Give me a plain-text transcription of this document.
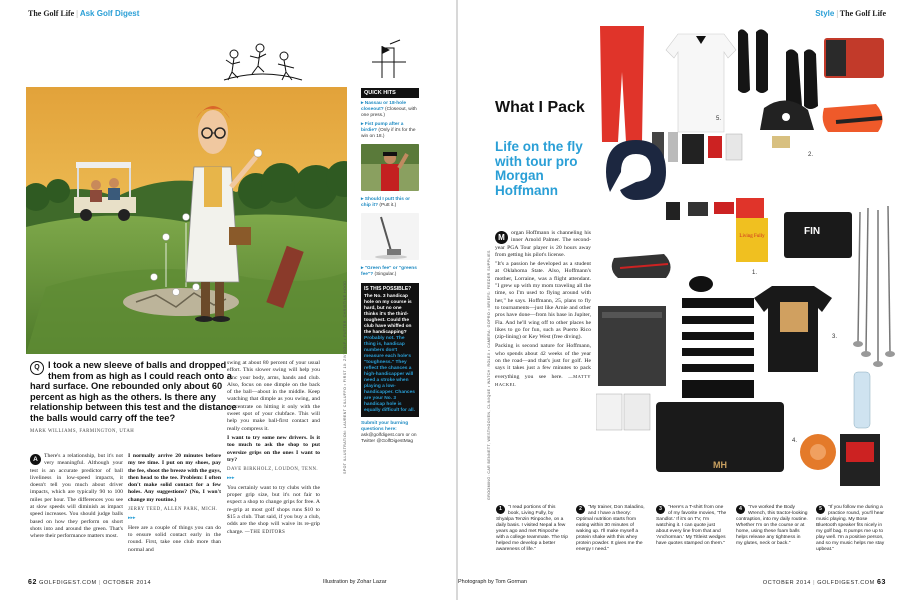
The Golf Life | Ask Golf Digest
QUICK HITS
▸ Nassau or 18-hole closeout? (Closeout, with one press.)
▸ Fist pump after a birdie? (Only if it's for the win on 18.)
▸ Should I putt this or chip it? (Putt it.)
▸ "Green fee" or "greens fee"? (Singular.)
IS THIS POSSIBLE?
The No. 3 handicap hole on my course is hard, but no one thinks it's the third-toughest. Could the club have whiffed on the handicapping?
Probably not. The thing is, handicap numbers don't measure each hole's "toughness." They reflect the chances a high-handicapper will need a stroke when playing a low-handicapper. Chances are your No. 3 handicap hole is equally difficult for all.
Submit your burning questions here: ask@golfdigest.com or on Twitter @GolfDigestMag
Q I took a new sleeve of balls and dropped them from as high as I could reach onto a hard surface. One rebounded only about 60 percent as high as the others. Is there any relationship between this test and the distance the balls would carry off the tee?
MARK WILLIAMS, FARMINGTON, UTAH
A	There's a relationship, but it's not very meaningful. Although your test is an accurate predictor of ball liveliness in low-speed impacts, it doesn't tell you much about driver impacts, which are typically 90 to 100 miles per hour. The differences you see at slow speeds will diminish as impact speed increases. You should judge balls based on how they perform on short shots into and around the green. That's where their performance matters most.

I normally arrive 20 minutes before my tee time. I put on my shoes, pay the fee, shoot the breeze with the guys, then head to the tee. Problem: I often don't make solid contact for a few holes. Any suggestions? (No, I won't change my routine.)

JERRY TEED, ALLEN PARK, MICH.

▸▸▸

Here are a couple of things you can do to ensure solid contact early in the round. First, take one club more than normal and

swing at about 80 percent of your usual effort. This slower swing will help you sync your body, arms, hands and club. Also, focus on one dimple on the back of the ball—about in the middle. Keep watching that dimple as you swing, and concentrate on hitting it only with the sweet spot of your clubface. This will help you make ball-first contact and really compress it.

I want to try some new drivers. Is it too much to ask the shop to put oversize grips on the ones I want to try?

DAVE BIRKHOLZ, LOUDON, TENN.

▸▸▸

You certainly want to try clubs with the proper grip size, but it's not fair to expect a shop to change grips for free. A re-grip at most golf shops runs $10 to $15 a club. That said, if you buy a club, odds are the shop will waive its re-grip charge. —THE EDITORS

SPOT ILLUSTRATION: LAURENT CILLUFFO • FIRST 10: ZIV GOLF • PUTTER: CHRISTINE HOOD
62 GOLFDIGEST.COM | OCTOBER 2014	Illustration by Zohar Lazar
Style | The Golf Life
What I Pack
Life on the fly with tour pro Morgan Hoffmann
M	organ Hoffmann is channeling his inner Arnold Palmer. The second-year PGA Tour player is 20 hours away from getting his pilot's license.

"It's a passion he developed as a student at Oklahoma State. Also, Hoffmann's mother, Lorraine, was a flight attendant. "I grew up with my mom traveling all the time, so I'm used to flying around with her," he says. Hoffmann, 25, plans to fly to tournaments—just like Arnie and other pros have done—from his base in Jupiter, Fla. And he'll wing off to other places he likes to go for fun, such as Puerto Rico (zip-lining) or Key West (free diving).

Packing is second nature for Hoffmann, who spends about 42 weeks of the year on the road—and that's just for golf. He says it takes just a few minutes to pack everything you see here. —MATTY HACKEL

GROOMING: CAR BENNETT, WESTHOOVEN, CLINIQUE • WATCH: ROLEX • CAMERA: GOPRO • BRIEFS: FEEDER SUPPLIES
Living Fully	FIN
MH
5.
2.
1.
3.
4.
1	"I read portions of this book, Living Fully, by Shyalpa Tenzin Rinpoche, on a daily basis. I visited Nepal a few years ago and met Rinpoche with a college teammate. The trip helped me develop a better awareness of life."
2	"My trainer, Don Saladino, and I have a theory: Optimal nutrition starts from eating within 30 minutes of waking up. I'll make myself a protein shake with this whey protein powder. It gives me the energy I need."
3	"Here's a T-shirt from one of my favorite movies, 'The Sandlot.' If it's on TV, I'm watching it. I can quote just about every line from that and 'Anchorman.' My Titleist wedges have quotes stamped on them."
4	"I've worked the Body Wrench, this tractor-looking contraption, into my daily routine. Whether I'm on the course or at home, using these foam balls helps release any tightness in my glutes, neck or back."
5	"If you follow me during a practice round, you'll hear music playing. My Bose Bluetooth speaker fits nicely in my golf bag. It pumps me up to play well. I'm a positive person, and so my music helps me stay upbeat."
Photograph by Tom Gorman	OCTOBER 2014 | GOLFDIGEST.COM 63
